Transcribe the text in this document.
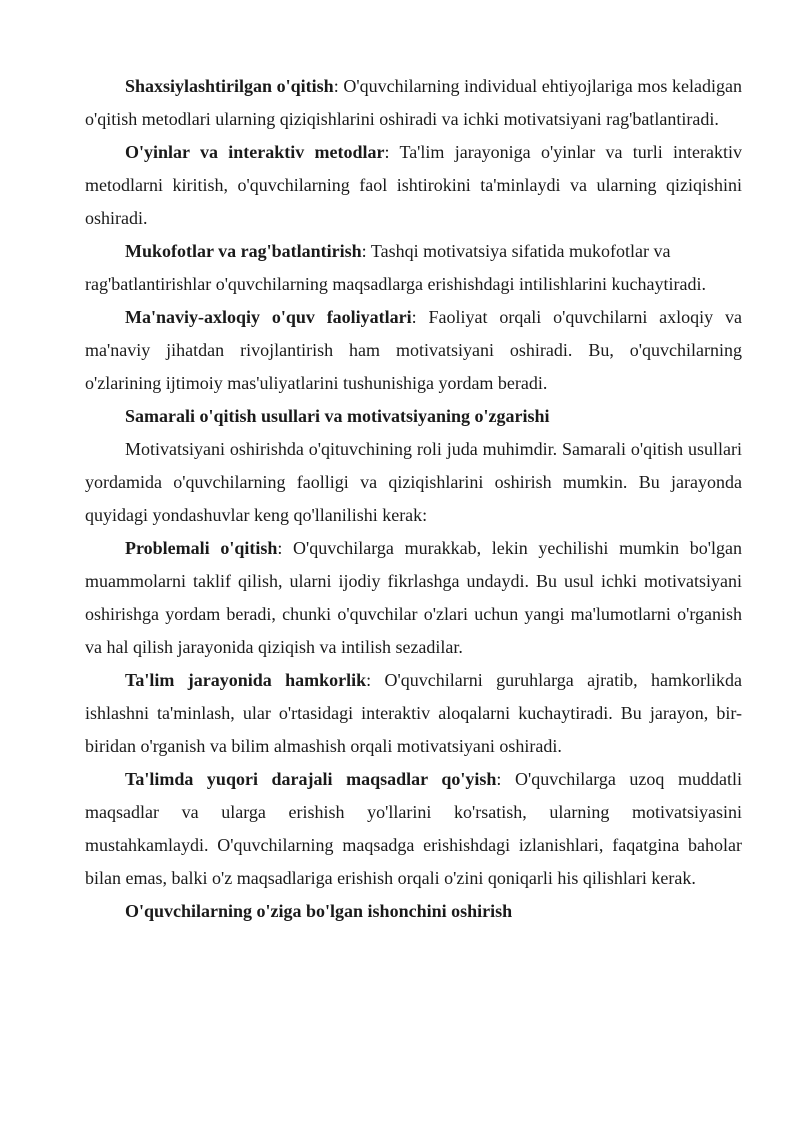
Shaxsiylashtirilgan o'qitish: O'quvchilarning individual ehtiyojlariga mos keladigan o'qitish metodlari ularning qiziqishlarini oshiradi va ichki motivatsiyani rag'batlantiradi.

O'yinlar va interaktiv metodlar: Ta'lim jarayoniga o'yinlar va turli interaktiv metodlarni kiritish, o'quvchilarning faol ishtirokini ta'minlaydi va ularning qiziqishini oshiradi.

Mukofotlar va rag'batlantirish: Tashqi motivatsiya sifatida mukofotlar va rag'batlantirishlar o'quvchilarning maqsadlarga erishishdagi intilishlarini kuchaytiradi.

Ma'naviy-axloqiy o'quv faoliyatlari: Faoliyat orqali o'quvchilarni axloqiy va ma'naviy jihatdan rivojlantirish ham motivatsiyani oshiradi. Bu, o'quvchilarning o'zlarining ijtimoiy mas'uliyatlarini tushunishiga yordam beradi.

Samarali o'qitish usullari va motivatsiyaning o'zgarishi

Motivatsiyani oshirishda o'qituvchining roli juda muhimdir. Samarali o'qitish usullari yordamida o'quvchilarning faolligi va qiziqishlarini oshirish mumkin. Bu jarayonda quyidagi yondashuvlar keng qo'llanilishi kerak:

Problemali o'qitish: O'quvchilarga murakkab, lekin yechilishi mumkin bo'lgan muammolarni taklif qilish, ularni ijodiy fikrlashga undaydi. Bu usul ichki motivatsiyani oshirishga yordam beradi, chunki o'quvchilar o'zlari uchun yangi ma'lumotlarni o'rganish va hal qilish jarayonida qiziqish va intilish sezadilar.

Ta'lim jarayonida hamkorlik: O'quvchilarni guruhlarga ajratib, hamkorlikda ishlashni ta'minlash, ular o'rtasidagi interaktiv aloqalarni kuchaytiradi. Bu jarayon, bir-biridan o'rganish va bilim almashish orqali motivatsiyani oshiradi.

Ta'limda yuqori darajali maqsadlar qo'yish: O'quvchilarga uzoq muddatli maqsadlar va ularga erishish yo'llarini ko'rsatish, ularning motivatsiyasini mustahkamlaydi. O'quvchilarning maqsadga erishishdagi izlanishlari, faqatgina baholar bilan emas, balki o'z maqsadlariga erishish orqali o'zini qoniqarli his qilishlari kerak.

O'quvchilarning o'ziga bo'lgan ishonchini oshirish
